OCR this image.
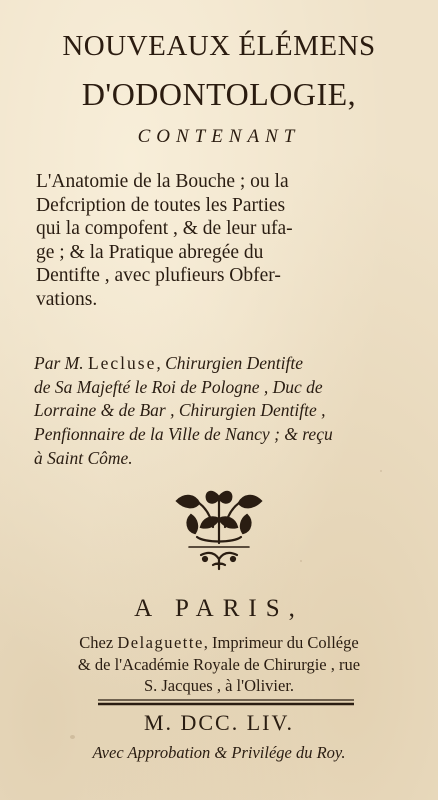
NOUVEAUX ÉLÉMENS
D'ODONTOLOGIE,
CONTENANT
L'Anatomie de la Bouche ; ou la
Defcription de toutes les Parties
qui la compofent , & de leur ufa-
ge ; & la Pratique abregée du
Dentifte , avec plufieurs Obfer-
vations.
Par M. Lecluse, Chirurgien Dentifte
de Sa Majefté le Roi de Pologne , Duc de
Lorraine & de Bar , Chirurgien Dentifte ,
Penfionnaire de la Ville de Nancy ; & reçu
à Saint Côme.
A PARIS,
Chez Delaguette, Imprimeur du Collége
& de l'Académie Royale de Chirurgie , rue
S. Jacques , à l'Olivier.
M. DCC. LIV.
Avec Approbation & Privilége du Roy.
